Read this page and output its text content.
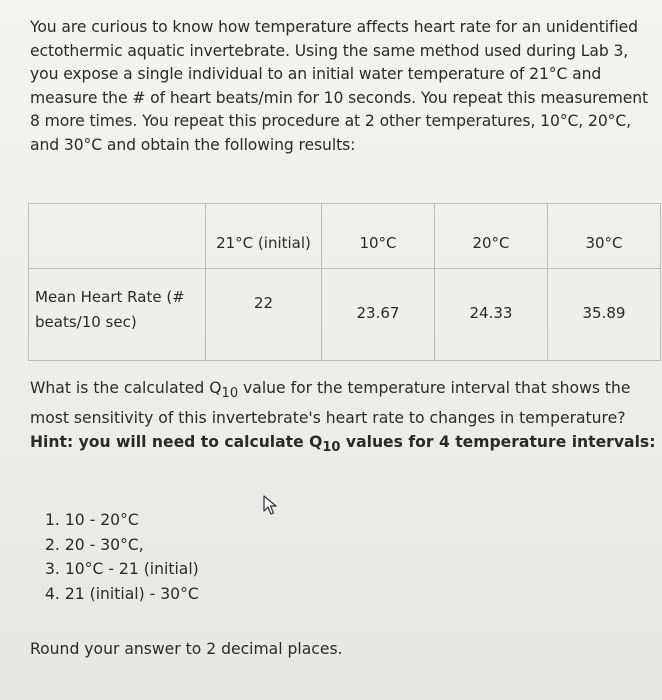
You are curious to know how temperature affects heart rate for an unidentified ectothermic aquatic invertebrate. Using the same method used during Lab 3, you expose a single individual to an initial water temperature of 21°C and measure the # of heart beats/min for 10 seconds. You repeat this measurement 8 more times. You repeat this procedure at 2 other temperatures, 10°C, 20°C, and 30°C and obtain the following results:
	21°C (initial)	10°C	20°C	30°C
Mean Heart Rate (# beats/10 sec)	22	23.67	24.33	35.89
What is the calculated $Q_{10}$ value for the temperature interval that shows the most sensitivity of this invertebrate's heart rate to changes in temperature? Hint: you will need to calculate $Q_{10}$ values for 4 temperature intervals:
1. 10 - 20°C
2. 20 - 30°C,
3. 10°C - 21 (initial)
4. 21 (initial) - 30°C
Round your answer to 2 decimal places.
